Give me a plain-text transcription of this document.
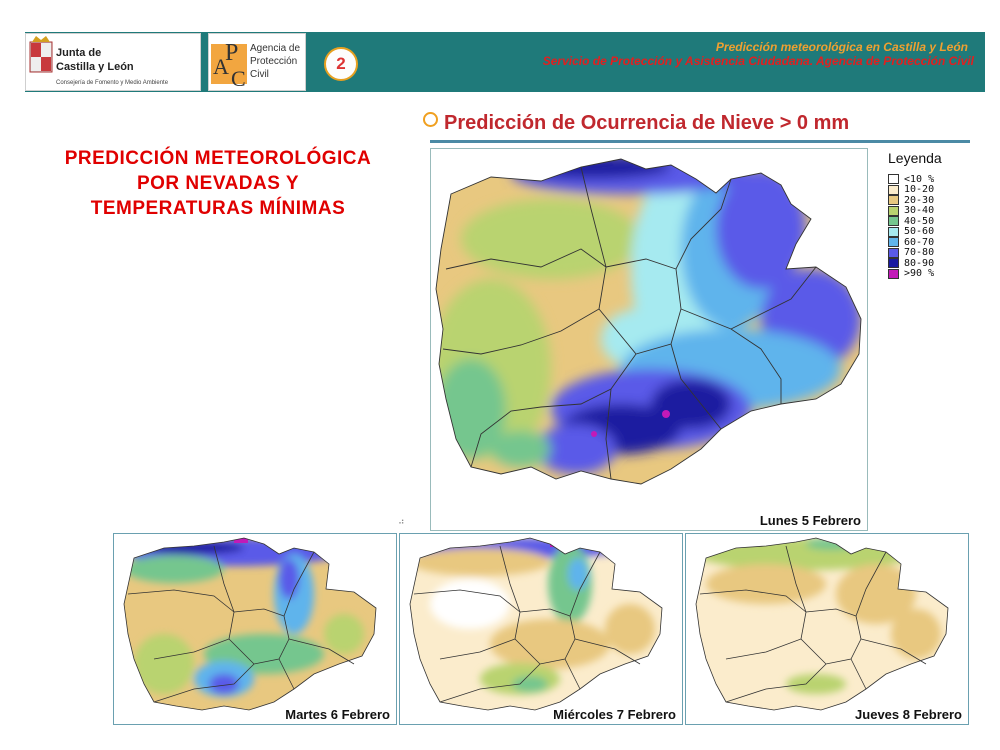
Junta de
Castilla y León
Consejería de Fomento y Medio Ambiente
A
P
C
Agencia de
Protección
Civil
2
Predicción meteorológica en Castilla y León
Servicio de Protección y Asistencia Ciudadana. Agencia de Protección Civil
PREDICCIÓN METEOROLÓGICA
POR NEVADAS Y
TEMPERATURAS MÍNIMAS
Predicción de Ocurrencia de Nieve > 0 mm
Lunes 5 Febrero
Leyenda
<10 %
10-20
20-30
30-40
40-50
50-60
60-70
70-80
80-90
>90 %
⠴
Martes 6 Febrero	Miércoles 7 Febrero	Jueves 8 Febrero
